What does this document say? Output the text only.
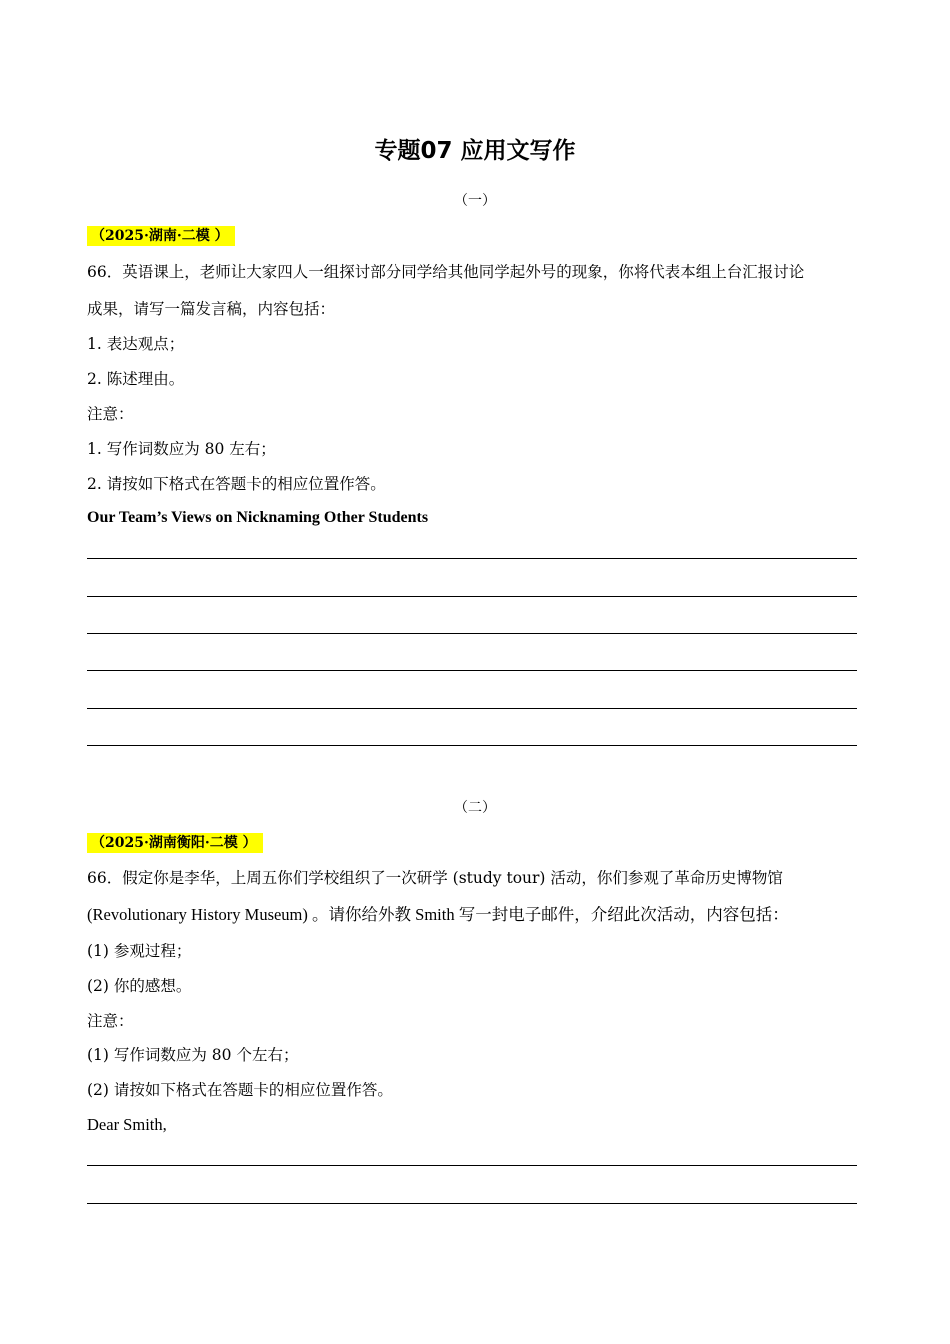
专题07 应用文写作
（一）
（2025·湖南·二模 ）
66．英语课上，老师让大家四人一组探讨部分同学给其他同学起外号的现象，你将代表本组上台汇报讨论
成果，请写一篇发言稿，内容包括：
1. 表达观点；
2. 陈述理由。
注意：
1. 写作词数应为 80 左右；
2. 请按如下格式在答题卡的相应位置作答。
Our Team’s Views on Nicknaming Other Students
（二）
（2025·湖南衡阳·二模 ）
66．假定你是李华，上周五你们学校组织了一次研学 (study tour) 活动，你们参观了革命历史博物馆
(Revolutionary History Museum) 。请你给外教 Smith 写一封电子邮件，介绍此次活动，内容包括：
(1) 参观过程；
(2) 你的感想。
注意：
(1) 写作词数应为 80 个左右；
(2) 请按如下格式在答题卡的相应位置作答。
Dear Smith,
